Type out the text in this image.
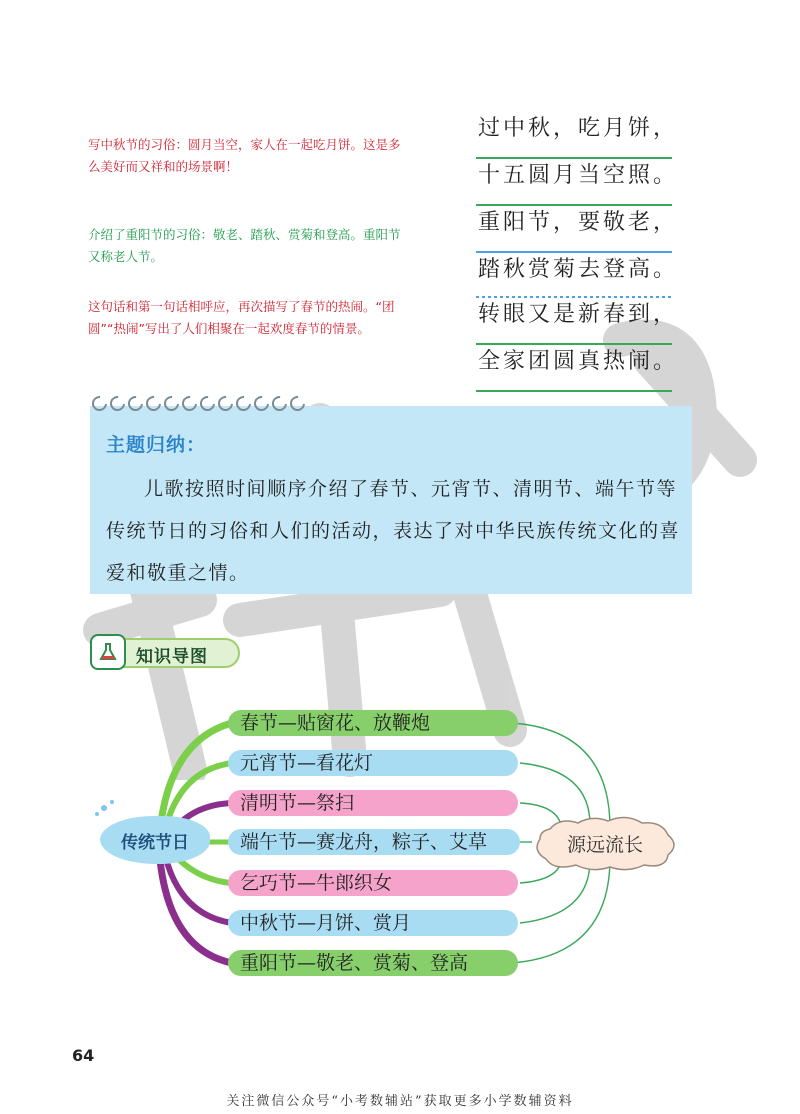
写中秋节的习俗：圆月当空，家人在一起吃月饼。这是多么美好而又祥和的场景啊！
介绍了重阳节的习俗：敬老、踏秋、赏菊和登高。重阳节又称老人节。
这句话和第一句话相呼应，再次描写了春节的热闹。“团圆”“热闹”写出了人们相聚在一起欢度春节的情景。
过中秋，吃月饼，
十五圆月当空照。
重阳节，要敬老，
踏秋赏菊去登高。
转眼又是新春到，
全家团圆真热闹。
主题归纳：
儿歌按照时间顺序介绍了春节、元宵节、清明节、端午节等传统节日的习俗和人们的活动，表达了对中华民族传统文化的喜爱和敬重之情。
知识导图
春节—贴窗花、放鞭炮
元宵节—看花灯
清明节—祭扫
端午节—赛龙舟，粽子、艾草
乞巧节—牛郎织女
中秋节—月饼、赏月
重阳节—敬老、赏菊、登高
传统节日	源远流长
64
关注微信公众号“小考数辅站”获取更多小学数辅资料
